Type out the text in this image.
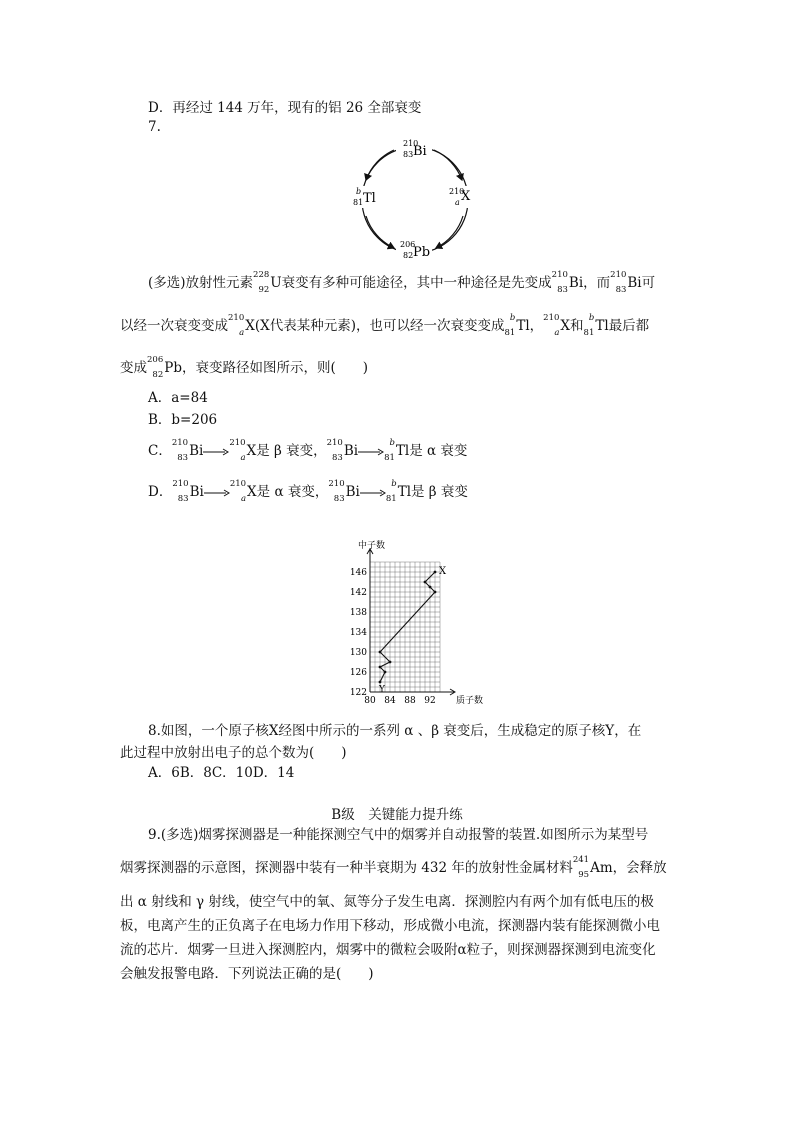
D．再经过 144 万年，现有的铝 26 全部衰变
7.
210
83 Bi
210
a X
b
81 Tl
206
82 Pb
(多选)放射性元素
228
92 U衰变有多种可能途径，其中一种途径是先变成
210
83 Bi，而
210
83 Bi可
以经一次衰变变成
210
a X(X代表某种元素)，也可以经一次衰变变成
b
81 Tl，
210
a X和
b
81 Tl最后都
变成
206
82 Pb，衰变路径如图所示，则(　　)
A．a=84
B．b=206
C．
210
83 Bi→
210
a X是 β 衰变，
210
83 Bi→
b
81 Tl是 α 衰变
D．
210
83 Bi→
210
a X是 α 衰变，
210
83 Bi→
b
81 Tl是 β 衰变
80 84 88 92
122
126
130
134
138
142
146
中子数
质子数
X
Y
8.如图，一个原子核X经图中所示的一系列 α 、β 衰变后，生成稳定的原子核Y，在
此过程中放射出电子的总个数为(　　)
A．6B．8C．10D．14
B级　关键能力提升练
9.(多选)烟雾探测器是一种能探测空气中的烟雾并自动报警的装置.如图所示为某型号
烟雾探测器的示意图，探测器中装有一种半衰期为 432 年的放射性金属材料
241
95 Am，会释放
出 α 射线和 γ 射线，使空气中的氧、氮等分子发生电离．探测腔内有两个加有低电压的极
板，电离产生的正负离子在电场力作用下移动，形成微小电流，探测器内装有能探测微小电
流的芯片．烟雾一旦进入探测腔内，烟雾中的微粒会吸附α粒子，则探测器探测到电流变化
会触发报警电路．下列说法正确的是(　　)
